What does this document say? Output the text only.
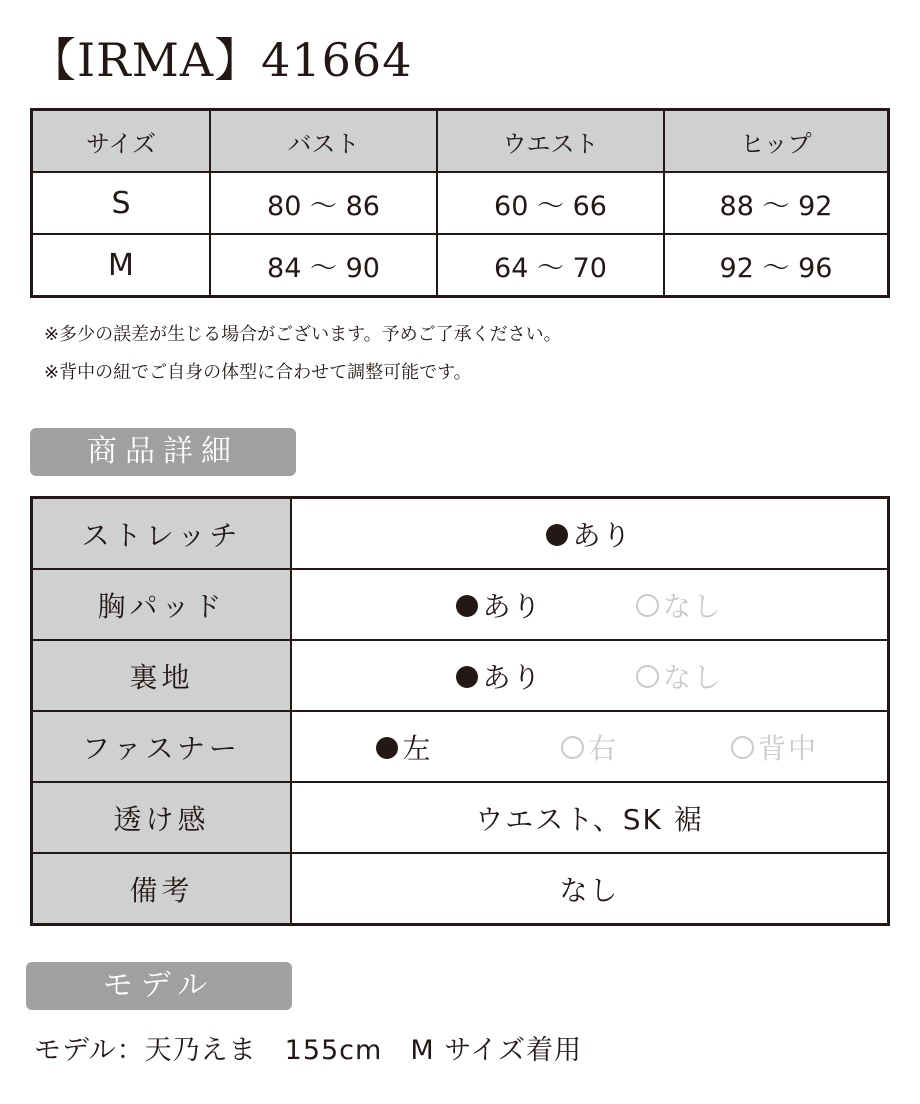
【IRMA】41664
サイズ	バスト	ウエスト	ヒップ
S	80 〜 86	60 〜 66	88 〜 92
M	84 〜 90	64 〜 70	92 〜 96
※多少の誤差が生じる場合がございます。予めご了承ください。
※背中の紐でご自身の体型に合わせて調整可能です。
商品詳細
ストレッチ	あり
胸パッド	あり なし

裏地	あり なし

ファスナー	左 右 背中

透け感	ウエスト、SK 裾
備考	なし
モデル
モデル：天乃えま　155cm　M サイズ着用
